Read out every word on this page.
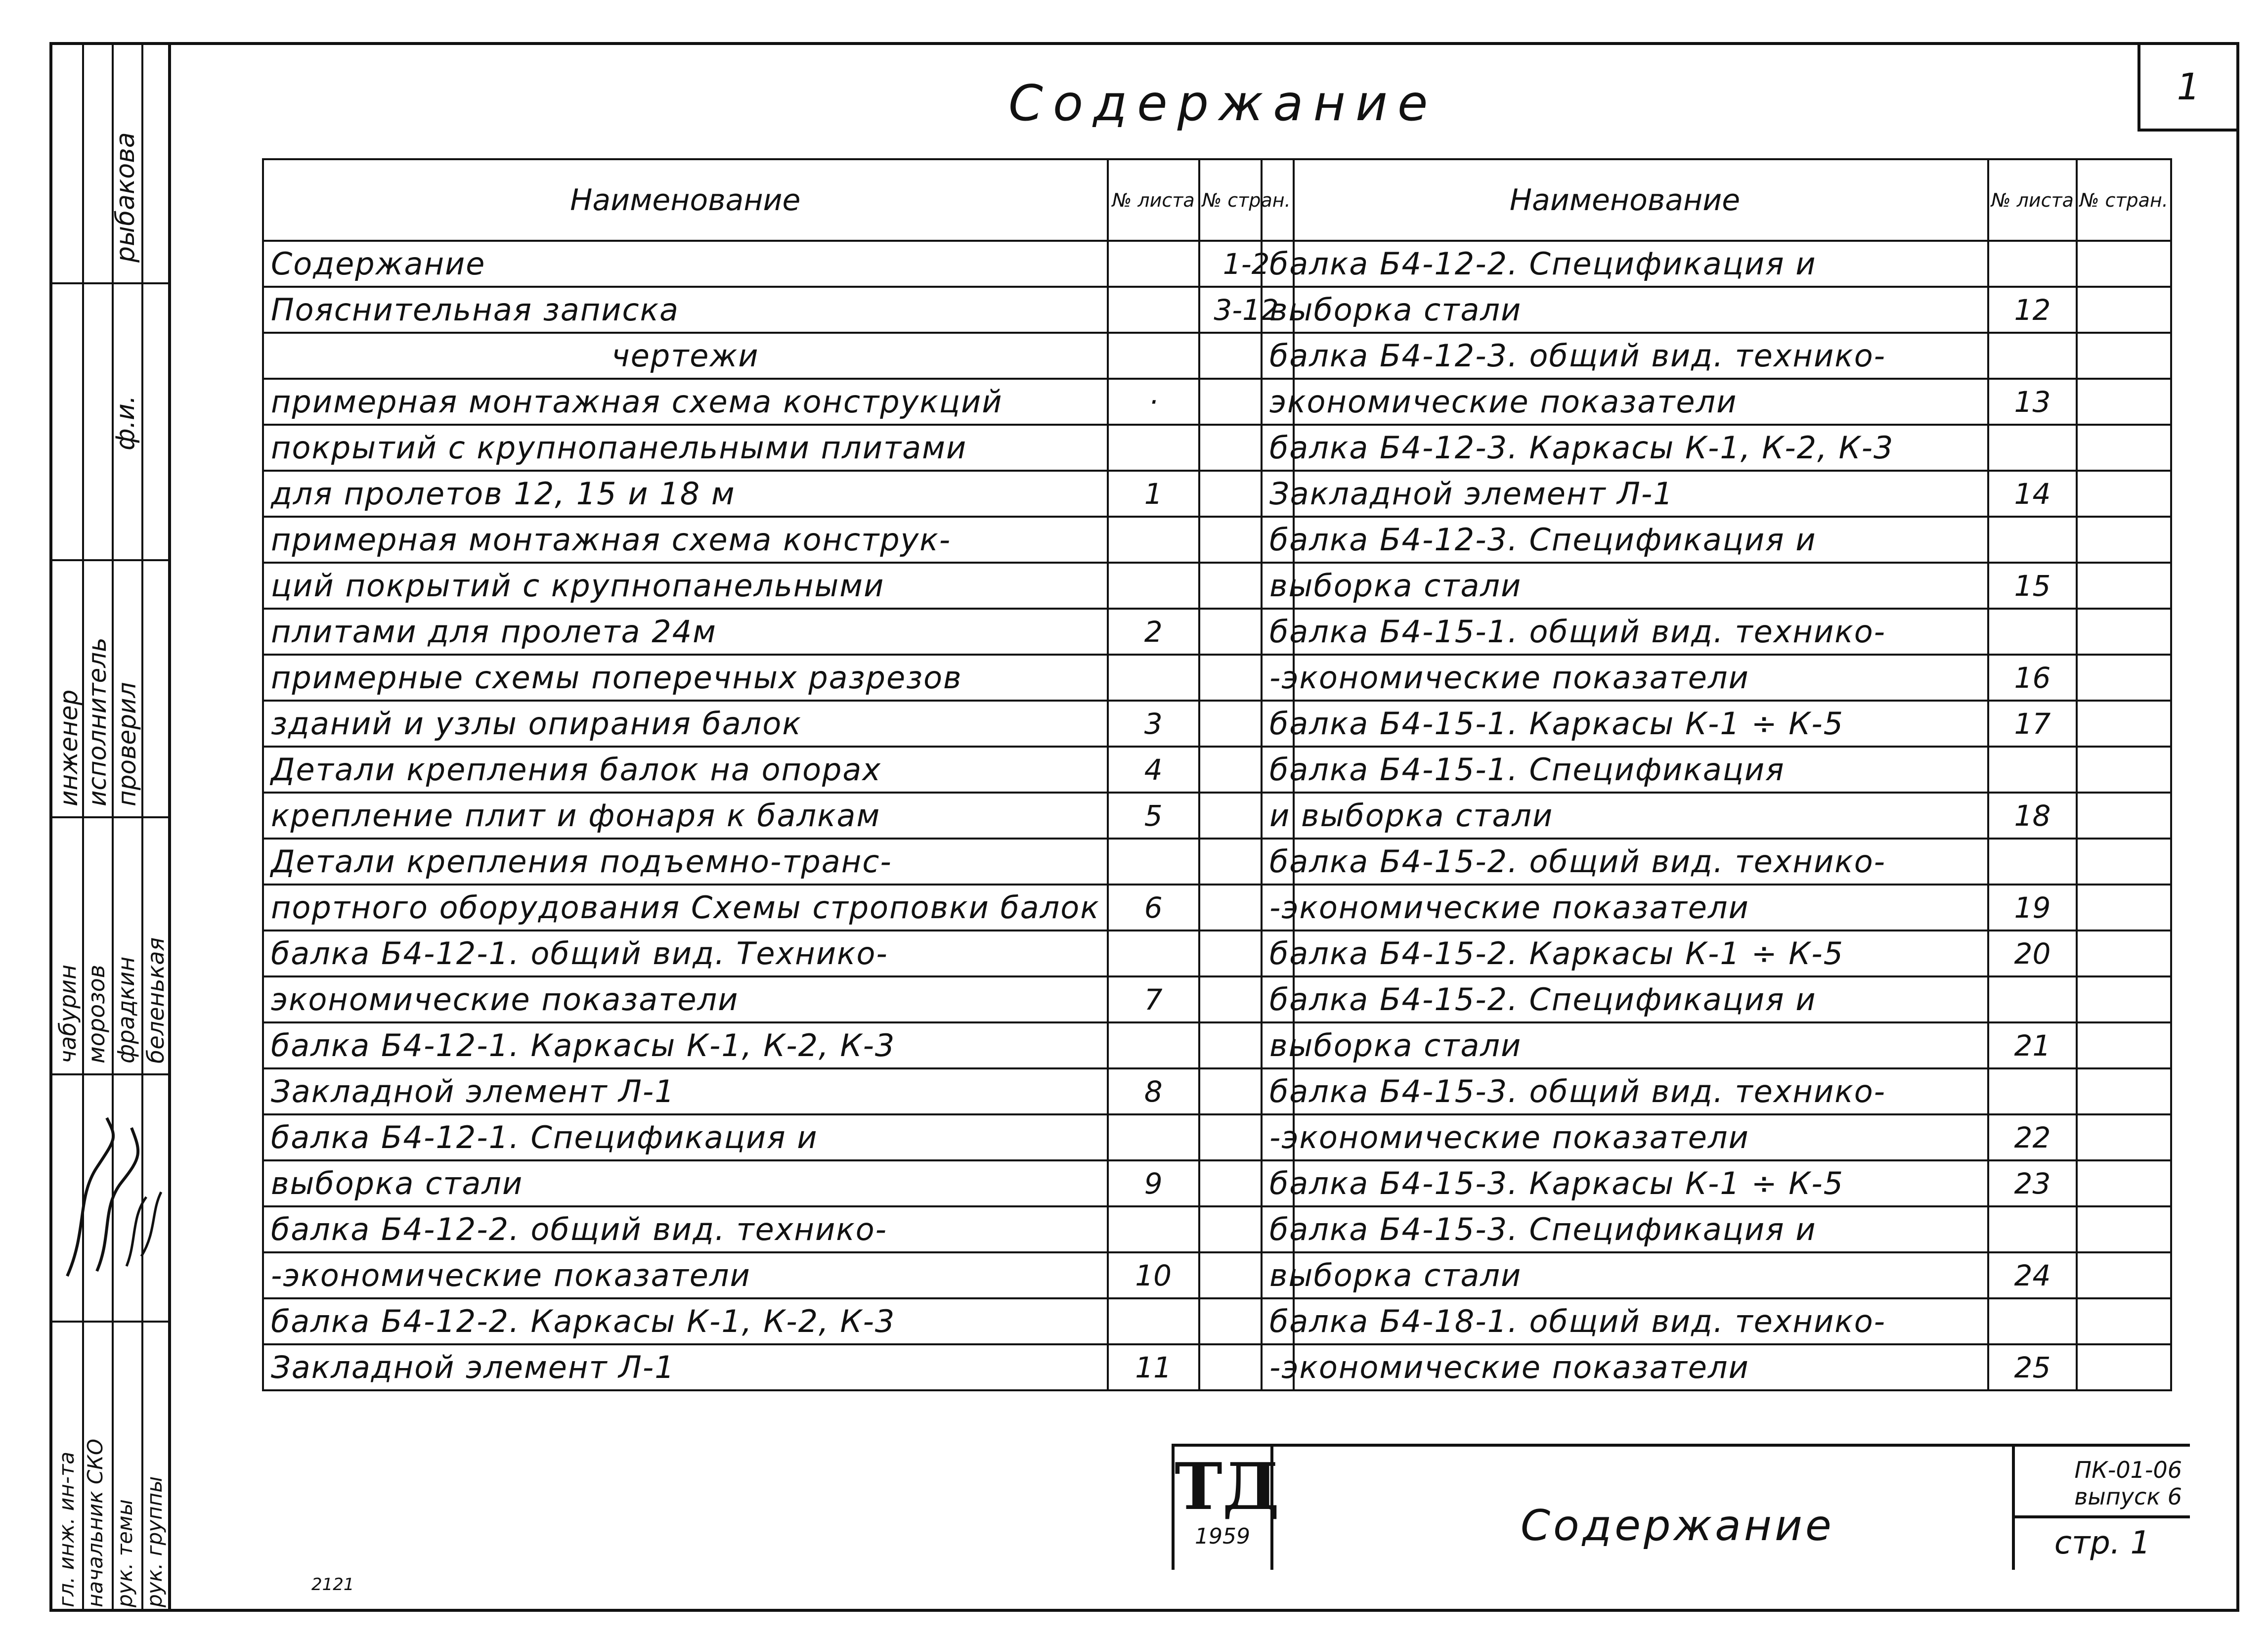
рыбакова
ф.и.
инженер исполнитель проверил
чабурин морозов фрадкин беленькая
гл. инж. ин-та начальник СКО рук. темы рук. группы
1
Содержание
Наименование	№ листа	№ стран.
Содержание		1-2
Пояснительная записка		3-12
чертежи		
примерная монтажная схема конструкций	·	
покрытий с крупнопанельными плитами		
для пролетов 12, 15 и 18 м	1	
примерная монтажная схема конструк-		
ций покрытий с крупнопанельными		
плитами для пролета 24м	2	
примерные схемы поперечных разрезов		
зданий и узлы опирания балок	3	
Детали крепления балок на опорах	4	
крепление плит и фонаря к балкам	5	
Детали крепления подъемно-транс-		
портного оборудования Схемы строповки балок	6	
балка Б4-12-1. общий вид. Технико-		
экономические показатели	7	
балка Б4-12-1. Каркасы К-1, К-2, К-3		
Закладной элемент Л-1	8	
балка Б4-12-1. Спецификация и		
выборка стали	9	
балка Б4-12-2. общий вид. технико-		
-экономические показатели	10	
балка Б4-12-2. Каркасы К-1, К-2, К-3		
Закладной элемент Л-1	11	
Наименование	№ листа	№ стран.
балка Б4-12-2. Спецификация и		
выборка стали	12	
балка Б4-12-3. общий вид. технико-		
экономические показатели	13	
балка Б4-12-3. Каркасы К-1, К-2, К-3		
Закладной элемент Л-1	14	
балка Б4-12-3. Спецификация и		
выборка стали	15	
балка Б4-15-1. общий вид. технико-		
-экономические показатели	16	
балка Б4-15-1. Каркасы К-1 ÷ К-5	17	
балка Б4-15-1. Спецификация		
и выборка стали	18	
балка Б4-15-2. общий вид. технико-		
-экономические показатели	19	
балка Б4-15-2. Каркасы К-1 ÷ К-5	20	
балка Б4-15-2. Спецификация и		
выборка стали	21	
балка Б4-15-3. общий вид. технико-		
-экономические показатели	22	
балка Б4-15-3. Каркасы К-1 ÷ К-5	23	
балка Б4-15-3. Спецификация и		
выборка стали	24	
балка Б4-18-1. общий вид. технико-		
-экономические показатели	25	
ТД
1959	Содержание
ПК-01-06
выпуск 6
стр. 1
2121
